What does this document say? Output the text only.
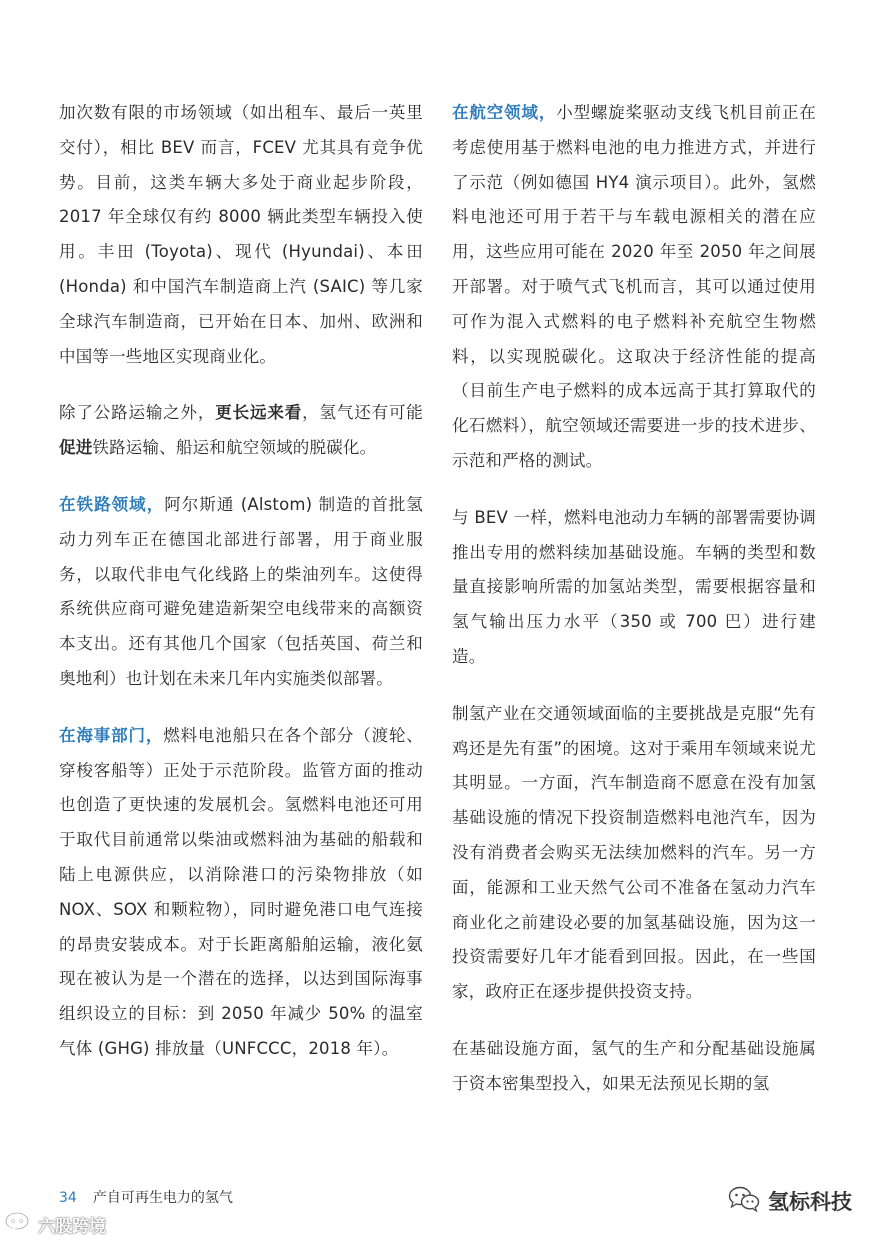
加次数有限的市场领域（如出租车、最后一英里交付），相比 BEV 而言，FCEV 尤其具有竞争优势。目前，这类车辆大多处于商业起步阶段，2017 年全球仅有约 8000 辆此类型车辆投入使用。丰田 (Toyota)、现代 (Hyundai)、本田 (Honda) 和中国汽车制造商上汽 (SAIC) 等几家全球汽车制造商，已开始在日本、加州、欧洲和中国等一些地区实现商业化。

除了公路运输之外，更长远来看，氢气还有可能促进铁路运输、船运和航空领域的脱碳化。

在铁路领域，阿尔斯通 (Alstom) 制造的首批氢动力列车正在德国北部进行部署，用于商业服务，以取代非电气化线路上的柴油列车。这使得系统供应商可避免建造新架空电线带来的高额资本支出。还有其他几个国家（包括英国、荷兰和奥地利）也计划在未来几年内实施类似部署。

在海事部门，燃料电池船只在各个部分（渡轮、穿梭客船等）正处于示范阶段。监管方面的推动也创造了更快速的发展机会。氢燃料电池还可用于取代目前通常以柴油或燃料油为基础的船载和陆上电源供应，以消除港口的污染物排放（如 NOX、SOX 和颗粒物），同时避免港口电气连接的昂贵安装成本。对于长距离船舶运输，液化氨现在被认为是一个潜在的选择，以达到国际海事组织设立的目标：到 2050 年减少 50% 的温室气体 (GHG) 排放量（UNFCCC，2018 年）。

在航空领域，小型螺旋桨驱动支线飞机目前正在考虑使用基于燃料电池的电力推进方式，并进行了示范（例如德国 HY4 演示项目）。此外，氢燃料电池还可用于若干与车载电源相关的潜在应用，这些应用可能在 2020 年至 2050 年之间展开部署。对于喷气式飞机而言，其可以通过使用可作为混入式燃料的电子燃料补充航空生物燃料，以实现脱碳化。这取决于经济性能的提高（目前生产电子燃料的成本远高于其打算取代的化石燃料），航空领域还需要进一步的技术进步、示范和严格的测试。

与 BEV 一样，燃料电池动力车辆的部署需要协调推出专用的燃料续加基础设施。车辆的类型和数量直接影响所需的加氢站类型，需要根据容量和氢气输出压力水平（350 或 700 巴）进行建造。

制氢产业在交通领域面临的主要挑战是克服“先有鸡还是先有蛋”的困境。这对于乘用车领域来说尤其明显。一方面，汽车制造商不愿意在没有加氢基础设施的情况下投资制造燃料电池汽车，因为没有消费者会购买无法续加燃料的汽车。另一方面，能源和工业天然气公司不准备在氢动力汽车商业化之前建设必要的加氢基础设施，因为这一投资需要好几年才能看到回报。因此，在一些国家，政府正在逐步提供投资支持。

在基础设施方面，氢气的生产和分配基础设施属于资本密集型投入，如果无法预见长期的氢

34 产自可再生电力的氢气
六股跨境
氢标科技
